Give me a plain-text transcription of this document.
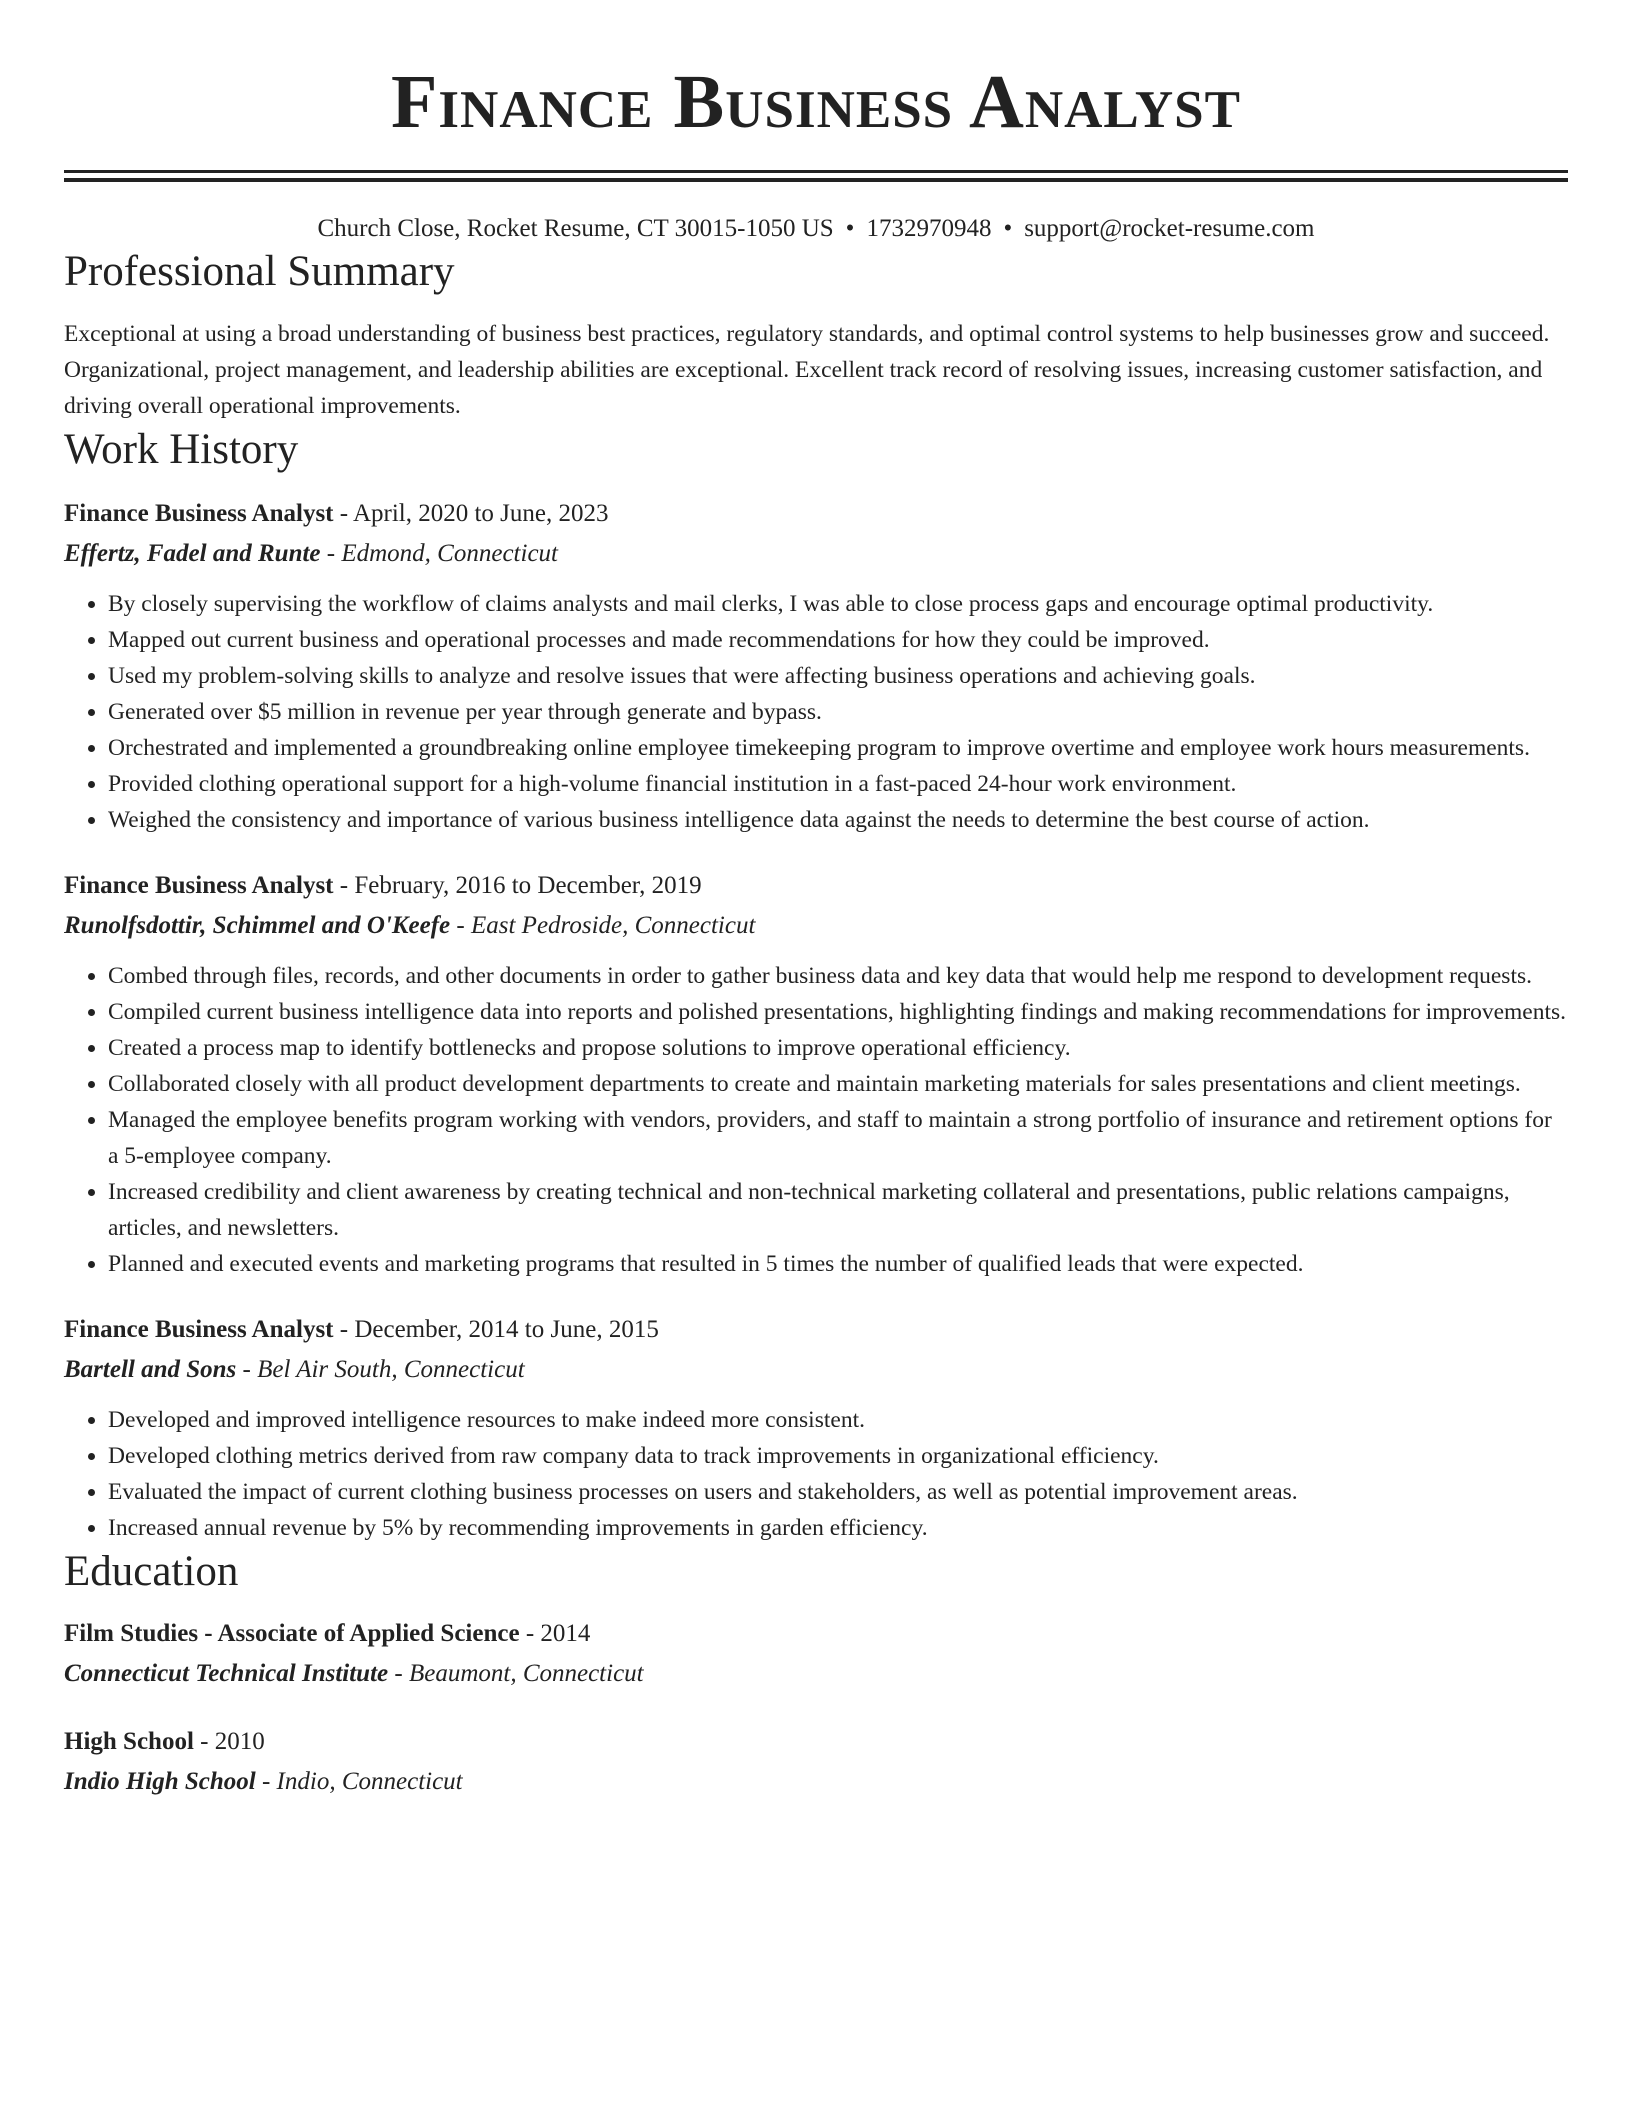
Finance Business Analyst
Church Close, Rocket Resume, CT 30015-1050 US • 1732970948 • support@rocket-resume.com
Professional Summary
Exceptional at using a broad understanding of business best practices, regulatory standards, and optimal control systems to help businesses grow and succeed. Organizational, project management, and leadership abilities are exceptional. Excellent track record of resolving issues, increasing customer satisfaction, and driving overall operational improvements.
Work History
Finance Business Analyst - April, 2020 to June, 2023
Effertz, Fadel and Runte - Edmond, Connecticut
• By closely supervising the workflow of claims analysts and mail clerks, I was able to close process gaps and encourage optimal productivity.
• Mapped out current business and operational processes and made recommendations for how they could be improved.
• Used my problem-solving skills to analyze and resolve issues that were affecting business operations and achieving goals.
• Generated over $5 million in revenue per year through generate and bypass.
• Orchestrated and implemented a groundbreaking online employee timekeeping program to improve overtime and employee work hours measurements.
• Provided clothing operational support for a high-volume financial institution in a fast-paced 24-hour work environment.
• Weighed the consistency and importance of various business intelligence data against the needs to determine the best course of action.
Finance Business Analyst - February, 2016 to December, 2019
Runolfsdottir, Schimmel and O'Keefe - East Pedroside, Connecticut
• Combed through files, records, and other documents in order to gather business data and key data that would help me respond to development requests.
• Compiled current business intelligence data into reports and polished presentations, highlighting findings and making recommendations for improvements.
• Created a process map to identify bottlenecks and propose solutions to improve operational efficiency.
• Collaborated closely with all product development departments to create and maintain marketing materials for sales presentations and client meetings.
• Managed the employee benefits program working with vendors, providers, and staff to maintain a strong portfolio of insurance and retirement options for a 5-employee company.
• Increased credibility and client awareness by creating technical and non-technical marketing collateral and presentations, public relations campaigns, articles, and newsletters.
• Planned and executed events and marketing programs that resulted in 5 times the number of qualified leads that were expected.
Finance Business Analyst - December, 2014 to June, 2015
Bartell and Sons - Bel Air South, Connecticut
• Developed and improved intelligence resources to make indeed more consistent.
• Developed clothing metrics derived from raw company data to track improvements in organizational efficiency.
• Evaluated the impact of current clothing business processes on users and stakeholders, as well as potential improvement areas.
• Increased annual revenue by 5% by recommending improvements in garden efficiency.
Education
Film Studies - Associate of Applied Science - 2014
Connecticut Technical Institute - Beaumont, Connecticut
High School - 2010
Indio High School - Indio, Connecticut
